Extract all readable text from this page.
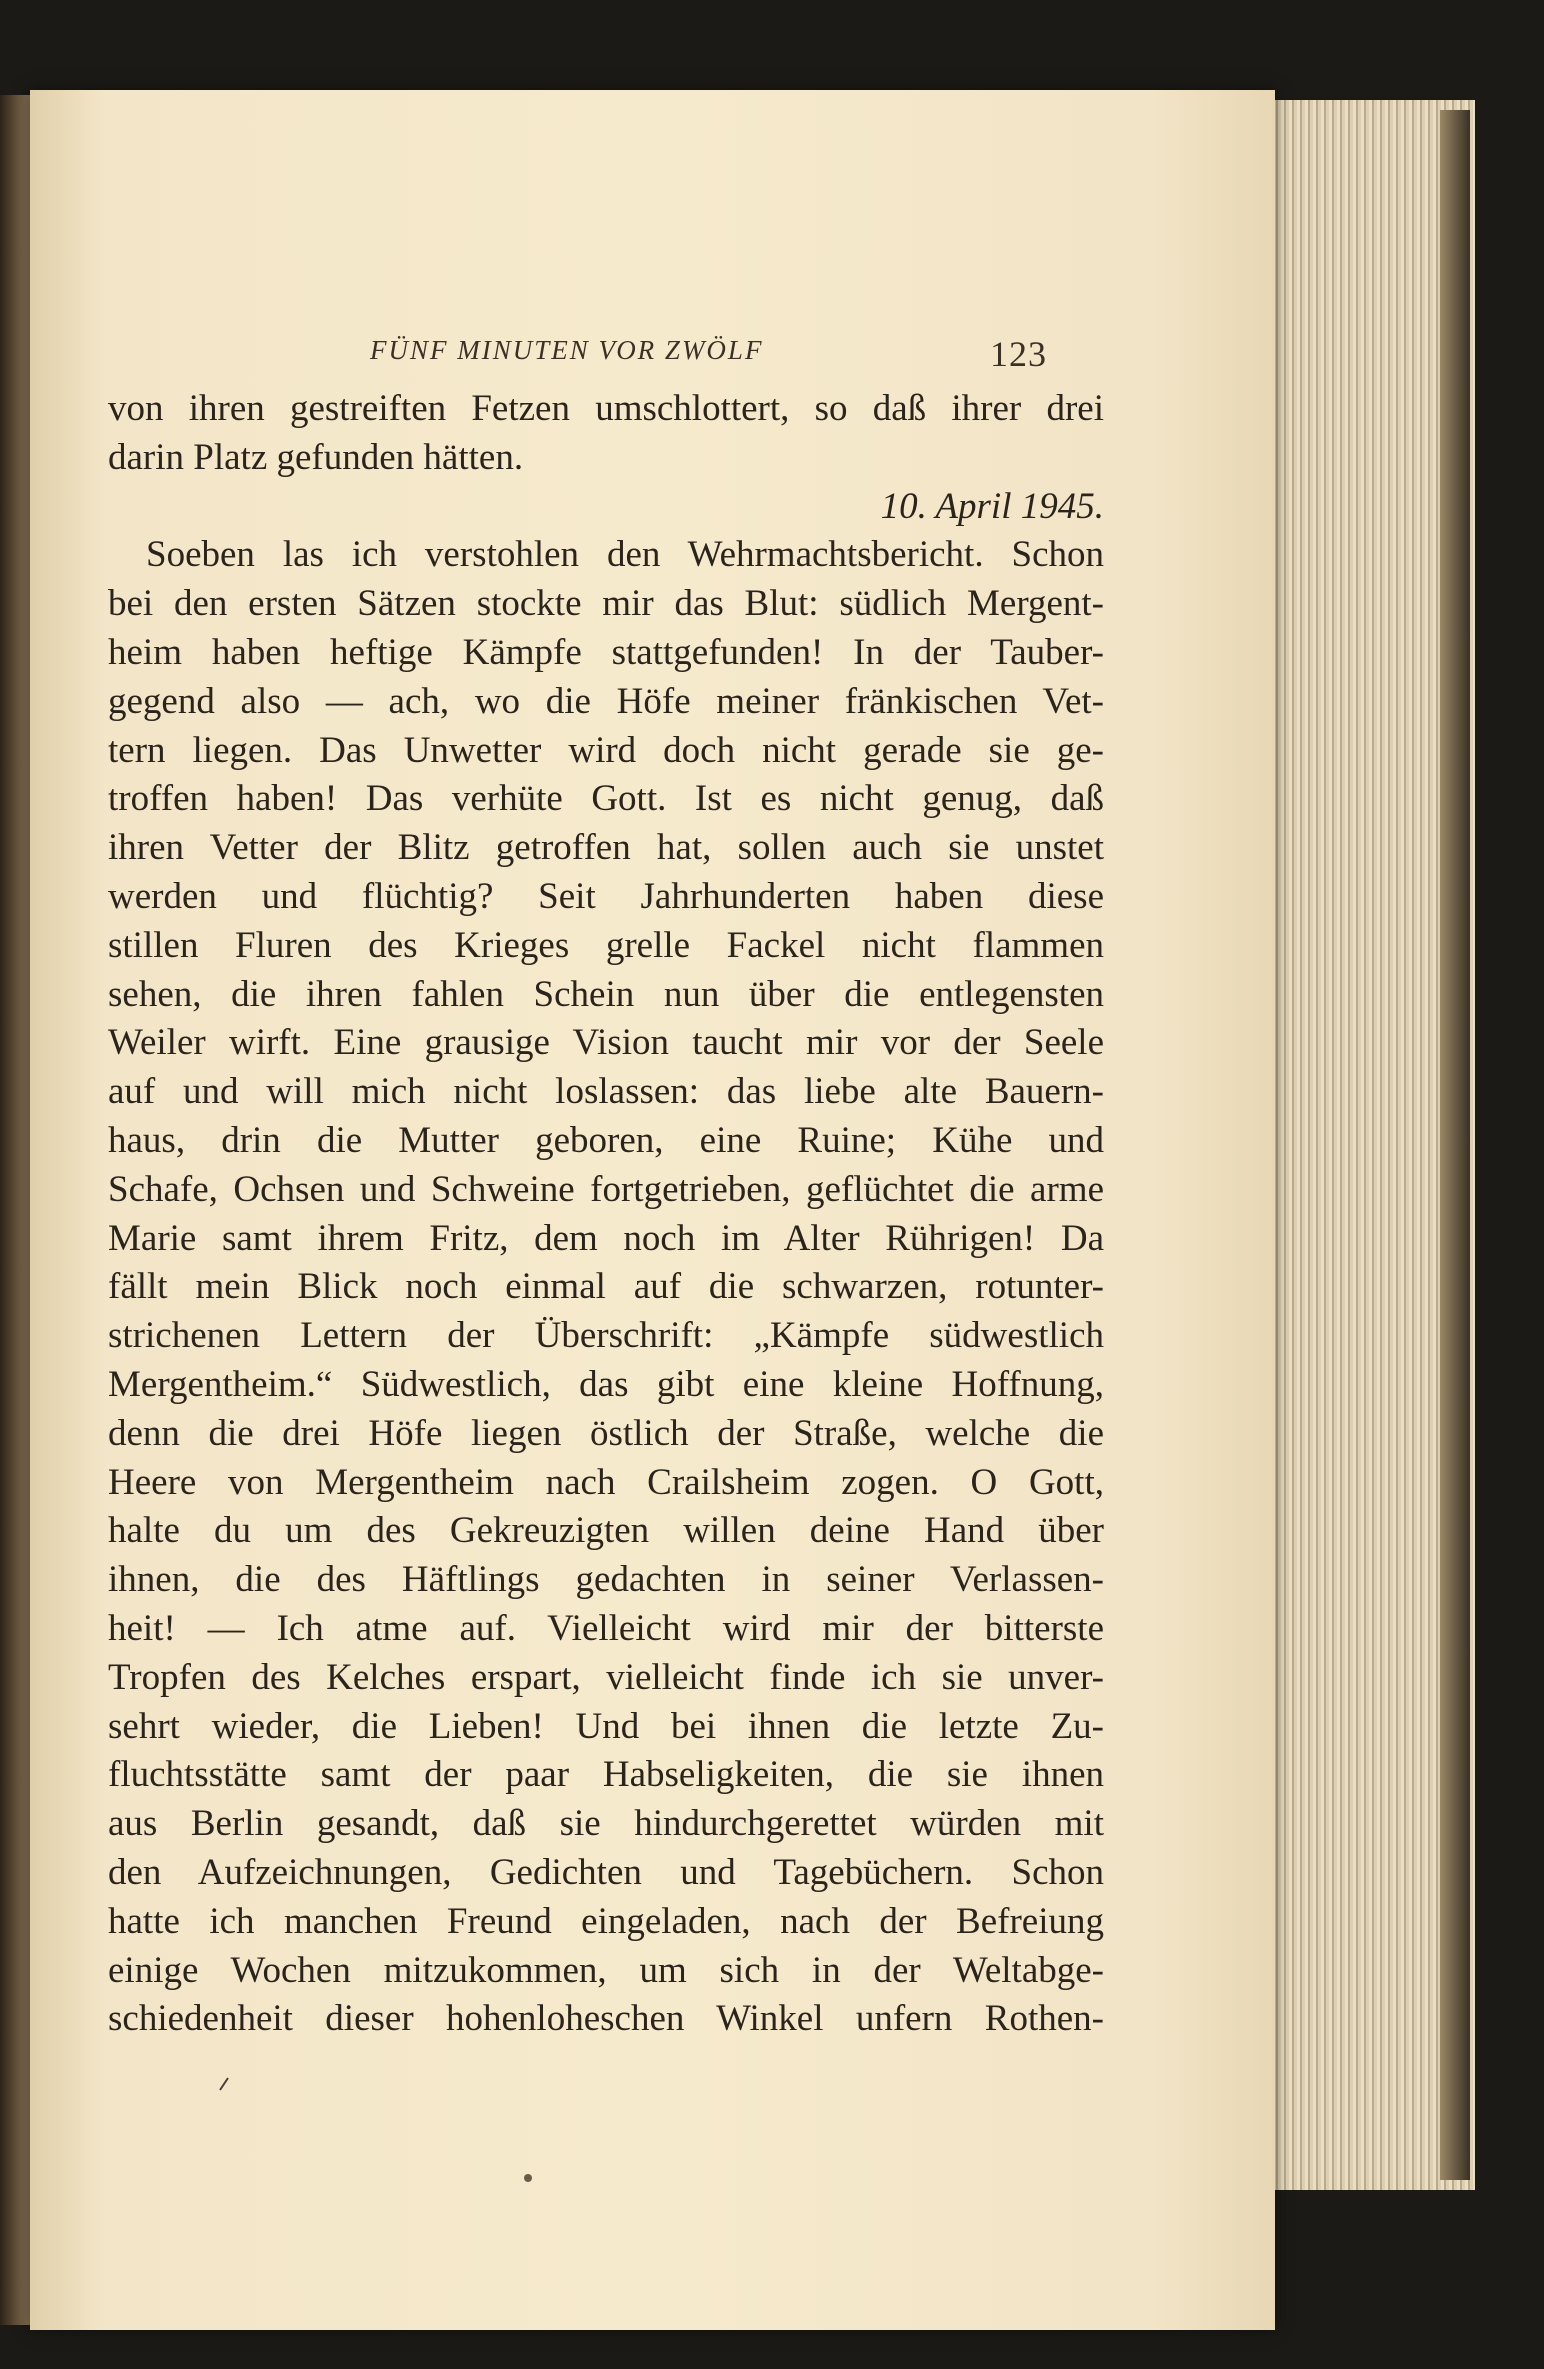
FÜNF MINUTEN VOR ZWÖLF	123
von ihren gestreiften Fetzen umschlottert, so daß ihrer drei
darin Platz gefunden hätten.
10. April 1945.
Soeben las ich verstohlen den Wehrmachtsbericht. Schon
bei den ersten Sätzen stockte mir das Blut: südlich Mergent-
heim haben heftige Kämpfe stattgefunden! In der Tauber-
gegend also — ach, wo die Höfe meiner fränkischen Vet-
tern liegen. Das Unwetter wird doch nicht gerade sie ge-
troffen haben! Das verhüte Gott. Ist es nicht genug, daß
ihren Vetter der Blitz getroffen hat, sollen auch sie unstet
werden und flüchtig? Seit Jahrhunderten haben diese
stillen Fluren des Krieges grelle Fackel nicht flammen
sehen, die ihren fahlen Schein nun über die entlegensten
Weiler wirft. Eine grausige Vision taucht mir vor der Seele
auf und will mich nicht loslassen: das liebe alte Bauern-
haus, drin die Mutter geboren, eine Ruine; Kühe und
Schafe, Ochsen und Schweine fortgetrieben, geflüchtet die arme
Marie samt ihrem Fritz, dem noch im Alter Rührigen! Da
fällt mein Blick noch einmal auf die schwarzen, rotunter-
strichenen Lettern der Überschrift: „Kämpfe südwestlich
Mergentheim.“ Südwestlich, das gibt eine kleine Hoffnung,
denn die drei Höfe liegen östlich der Straße, welche die
Heere von Mergentheim nach Crailsheim zogen. O Gott,
halte du um des Gekreuzigten willen deine Hand über
ihnen, die des Häftlings gedachten in seiner Verlassen-
heit! — Ich atme auf. Vielleicht wird mir der bitterste
Tropfen des Kelches erspart, vielleicht finde ich sie unver-
sehrt wieder, die Lieben! Und bei ihnen die letzte Zu-
fluchtsstätte samt der paar Habseligkeiten, die sie ihnen
aus Berlin gesandt, daß sie hindurchgerettet würden mit
den Aufzeichnungen, Gedichten und Tagebüchern. Schon
hatte ich manchen Freund eingeladen, nach der Befreiung
einige Wochen mitzukommen, um sich in der Weltabge-
schiedenheit dieser hohenloheschen Winkel unfern Rothen-
